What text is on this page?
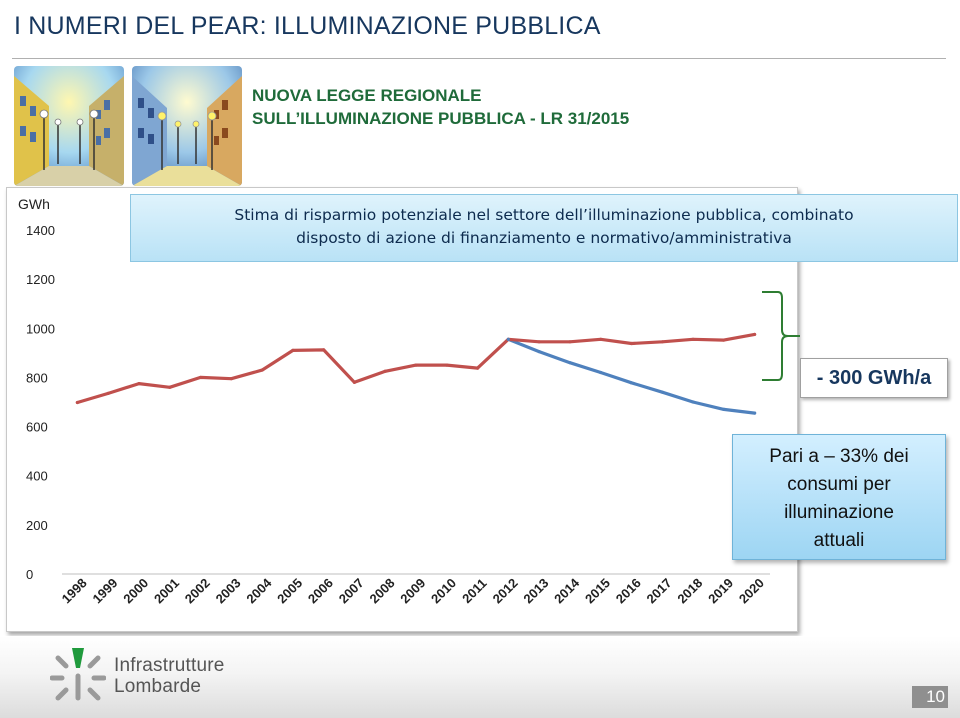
I NUMERI DEL PEAR: ILLUMINAZIONE PUBBLICA
NUOVA LEGGE REGIONALE
SULL’ILLUMINAZIONE PUBBLICA - LR 31/2015
0
200
400
600
800
1000
1200
1400
1998 1999 2000 2001 2002 2003 2004 2005 2006 2007 2008 2009 2010 2011 2012 2013 2014 2015 2016 2017 2018 2019 2020
GWh
Stima di risparmio potenziale nel settore dell’illuminazione pubblica, combinato
disposto di azione di finanziamento e normativo/amministrativa
- 300 GWh/a
Pari a – 33% dei
consumi per
illuminazione
attuali
Infrastrutture
Lombarde	10
